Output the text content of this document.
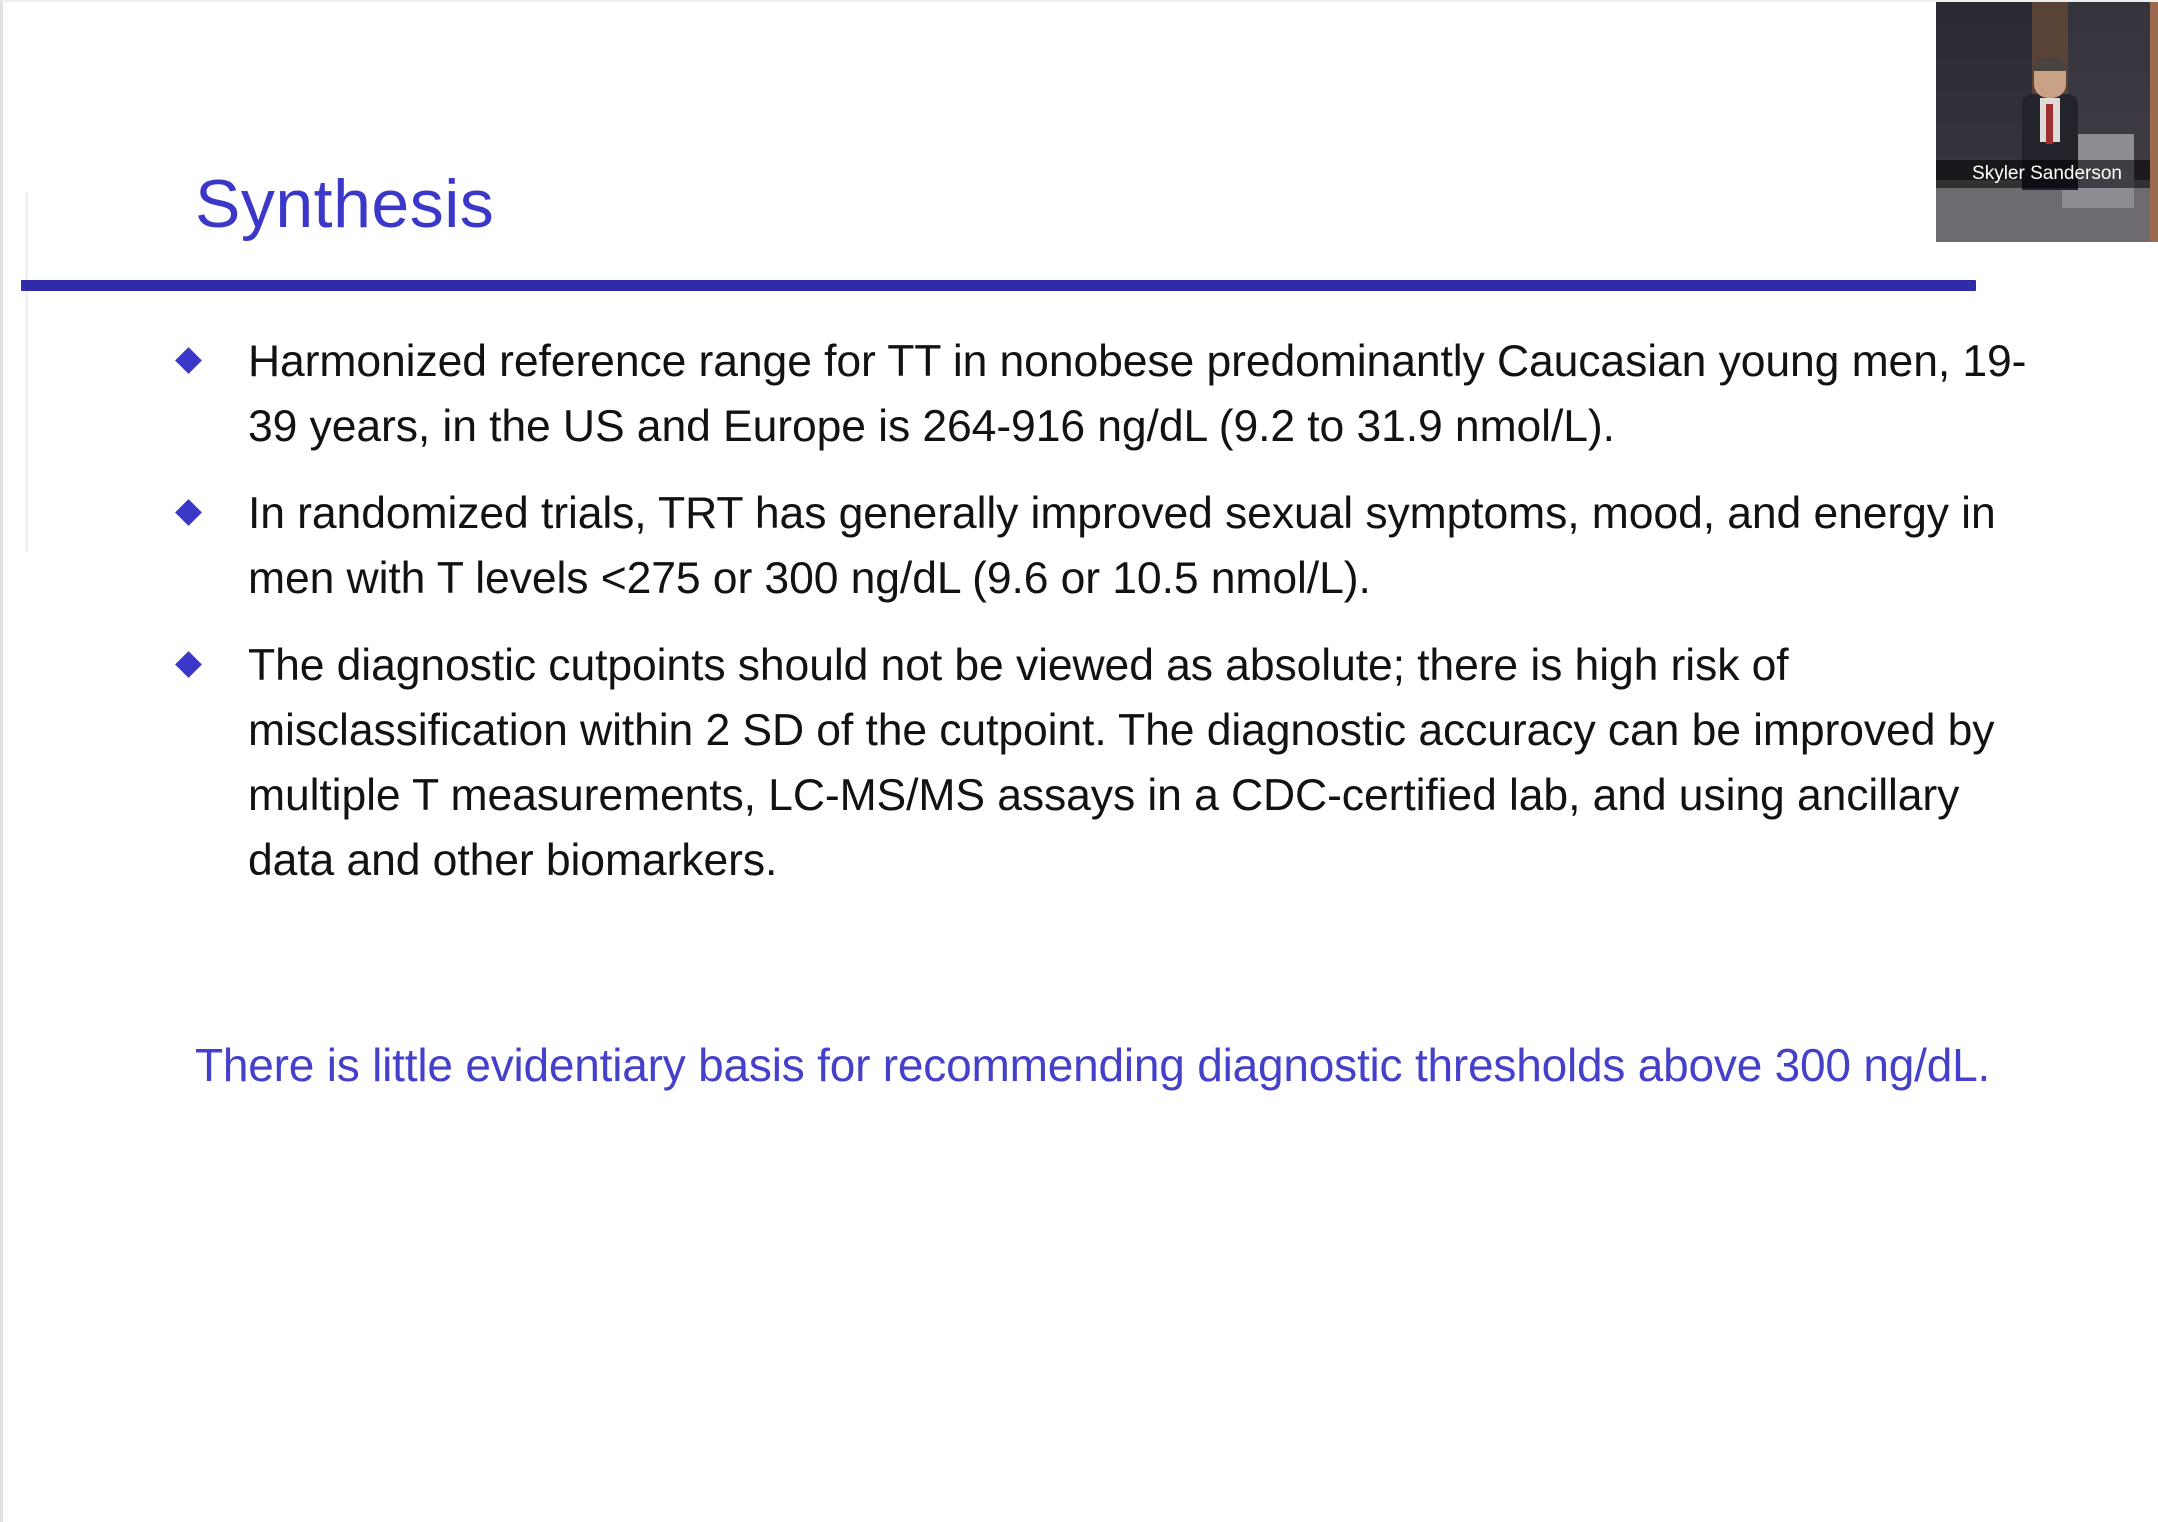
Synthesis
Harmonized reference range for TT in nonobese predominantly Caucasian young men, 19-39 years, in the US and Europe is 264-916 ng/dL (9.2 to 31.9 nmol/L).
In randomized trials, TRT has generally improved sexual symptoms, mood, and energy in men with T levels <275 or 300 ng/dL (9.6 or 10.5 nmol/L).
The diagnostic cutpoints should not be viewed as absolute; there is high risk of misclassification within 2 SD of the cutpoint. The diagnostic accuracy can be improved by multiple T measurements, LC-MS/MS assays in a CDC-certified lab, and using ancillary data and other biomarkers.
There is little evidentiary basis for recommending diagnostic thresholds above 300 ng/dL.
Skyler Sanderson
